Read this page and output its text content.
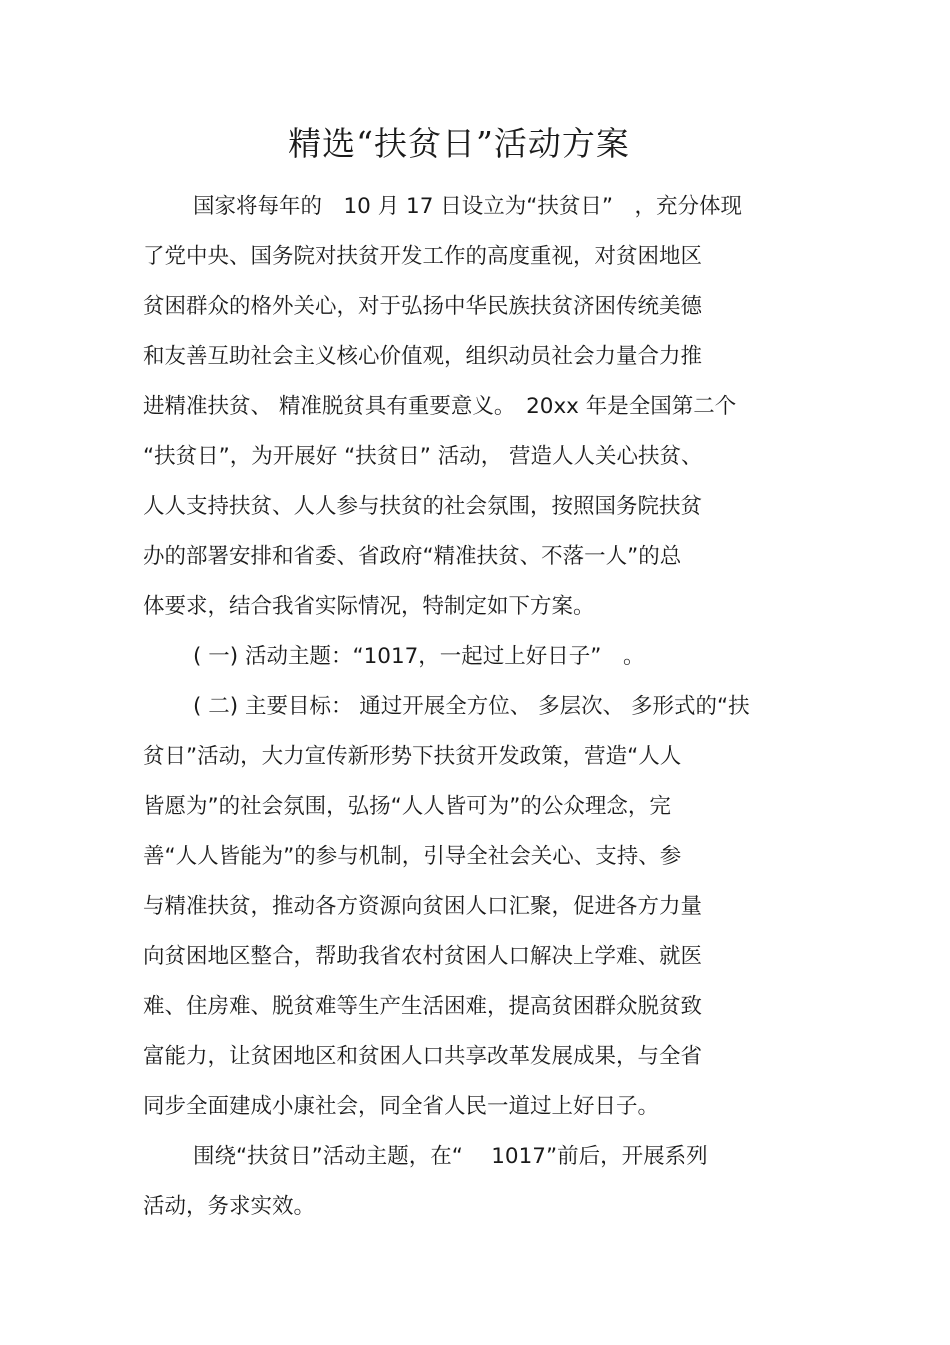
精选“扶贫日”活动方案
国家将每年的　10 月 17 日设立为“扶贫日”　，充分体现
了党中央、国务院对扶贫开发工作的高度重视，对贫困地区
贫困群众的格外关心，对于弘扬中华民族扶贫济困传统美德
和友善互助社会主义核心价值观，组织动员社会力量合力推
进精准扶贫、 精准脱贫具有重要意义。　20xx 年是全国第二个
“扶贫日”，为开展好 “扶贫日” 活动， 营造人人关心扶贫、
人人支持扶贫、人人参与扶贫的社会氛围，按照国务院扶贫
办的部署安排和省委、省政府“精准扶贫、不落一人”的总
体要求，结合我省实际情况，特制定如下方案。
( 一) 活动主题：“1017，一起过上好日子”　。
( 二) 主要目标： 通过开展全方位、 多层次、 多形式的“扶
贫日”活动，大力宣传新形势下扶贫开发政策，营造“人人
皆愿为”的社会氛围，弘扬“人人皆可为”的公众理念，完
善“人人皆能为”的参与机制，引导全社会关心、支持、参
与精准扶贫，推动各方资源向贫困人口汇聚，促进各方力量
向贫困地区整合，帮助我省农村贫困人口解决上学难、就医
难、住房难、脱贫难等生产生活困难，提高贫困群众脱贫致
富能力，让贫困地区和贫困人口共享改革发展成果，与全省
同步全面建成小康社会，同全省人民一道过上好日子。
围绕“扶贫日”活动主题，在“　 1017”前后，开展系列
活动，务求实效。
